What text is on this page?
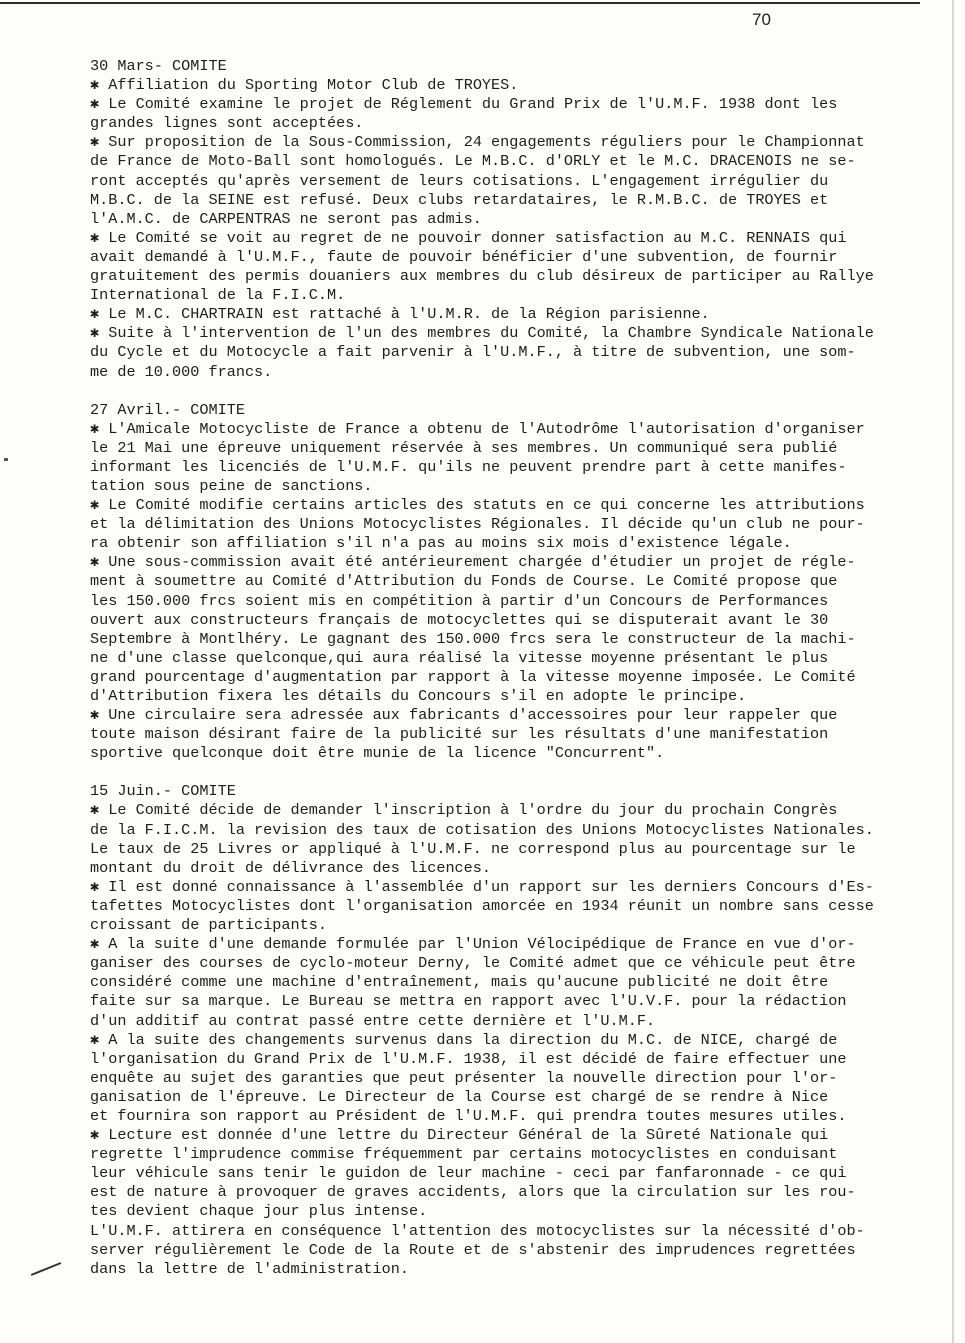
70
30 Mars- COMITE
✱ Affiliation du Sporting Motor Club de TROYES.
✱ Le Comité examine le projet de Réglement du Grand Prix de l'U.M.F. 1938 dont les
grandes lignes sont acceptées.
✱ Sur proposition de la Sous-Commission, 24 engagements réguliers pour le Championnat
de France de Moto-Ball sont homologués. Le M.B.C. d'ORLY et le M.C. DRACENOIS ne se-
ront acceptés qu'après versement de leurs cotisations. L'engagement irrégulier du
M.B.C. de la SEINE est refusé. Deux clubs retardataires, le R.M.B.C. de TROYES et
l'A.M.C. de CARPENTRAS ne seront pas admis.
✱ Le Comité se voit au regret de ne pouvoir donner satisfaction au M.C. RENNAIS qui
avait demandé à l'U.M.F., faute de pouvoir bénéficier d'une subvention, de fournir
gratuitement des permis douaniers aux membres du club désireux de participer au Rallye
International de la F.I.C.M.
✱ Le M.C. CHARTRAIN est rattaché à l'U.M.R. de la Région parisienne.
✱ Suite à l'intervention de l'un des membres du Comité, la Chambre Syndicale Nationale
du Cycle et du Motocycle a fait parvenir à l'U.M.F., à titre de subvention, une som-
me de 10.000 francs.
27 Avril.- COMITE
✱ L'Amicale Motocycliste de France a obtenu de l'Autodrôme l'autorisation d'organiser
le 21 Mai une épreuve uniquement réservée à ses membres. Un communiqué sera publié
informant les licenciés de l'U.M.F. qu'ils ne peuvent prendre part à cette manifes-
tation sous peine de sanctions.
✱ Le Comité modifie certains articles des statuts en ce qui concerne les attributions
et la délimitation des Unions Motocyclistes Régionales. Il décide qu'un club ne pour-
ra obtenir son affiliation s'il n'a pas au moins six mois d'existence légale.
✱ Une sous-commission avait été antérieurement chargée d'étudier un projet de régle-
ment à soumettre au Comité d'Attribution du Fonds de Course. Le Comité propose que
les 150.000 frcs soient mis en compétition à partir d'un Concours de Performances
ouvert aux constructeurs français de motocyclettes qui se disputerait avant le 30
Septembre à Montlhéry. Le gagnant des 150.000 frcs sera le constructeur de la machi-
ne d'une classe quelconque,qui aura réalisé la vitesse moyenne présentant le plus
grand pourcentage d'augmentation par rapport à la vitesse moyenne imposée. Le Comité
d'Attribution fixera les détails du Concours s'il en adopte le principe.
✱ Une circulaire sera adressée aux fabricants d'accessoires pour leur rappeler que
toute maison désirant faire de la publicité sur les résultats d'une manifestation
sportive quelconque doit être munie de la licence "Concurrent".
15 Juin.- COMITE
✱ Le Comité décide de demander l'inscription à l'ordre du jour du prochain Congrès
de la F.I.C.M. la revision des taux de cotisation des Unions Motocyclistes Nationales.
Le taux de 25 Livres or appliqué à l'U.M.F. ne correspond plus au pourcentage sur le
montant du droit de délivrance des licences.
✱ Il est donné connaissance à l'assemblée d'un rapport sur les derniers Concours d'Es-
tafettes Motocyclistes dont l'organisation amorcée en 1934 réunit un nombre sans cesse
croissant de participants.
✱ A la suite d'une demande formulée par l'Union Vélocipédique de France en vue d'or-
ganiser des courses de cyclo-moteur Derny, le Comité admet que ce véhicule peut être
considéré comme une machine d'entraînement, mais qu'aucune publicité ne doit être
faite sur sa marque. Le Bureau se mettra en rapport avec l'U.V.F. pour la rédaction
d'un additif au contrat passé entre cette dernière et l'U.M.F.
✱ A la suite des changements survenus dans la direction du M.C. de NICE, chargé de
l'organisation du Grand Prix de l'U.M.F. 1938, il est décidé de faire effectuer une
enquête au sujet des garanties que peut présenter la nouvelle direction pour l'or-
ganisation de l'épreuve. Le Directeur de la Course est chargé de se rendre à Nice
et fournira son rapport au Président de l'U.M.F. qui prendra toutes mesures utiles.
✱ Lecture est donnée d'une lettre du Directeur Général de la Sûreté Nationale qui
regrette l'imprudence commise fréquemment par certains motocyclistes en conduisant
leur véhicule sans tenir le guidon de leur machine - ceci par fanfaronnade - ce qui
est de nature à provoquer de graves accidents, alors que la circulation sur les rou-
tes devient chaque jour plus intense.
L'U.M.F. attirera en conséquence l'attention des motocyclistes sur la nécessité d'ob-
server régulièrement le Code de la Route et de s'abstenir des imprudences regrettées
dans la lettre de l'administration.
